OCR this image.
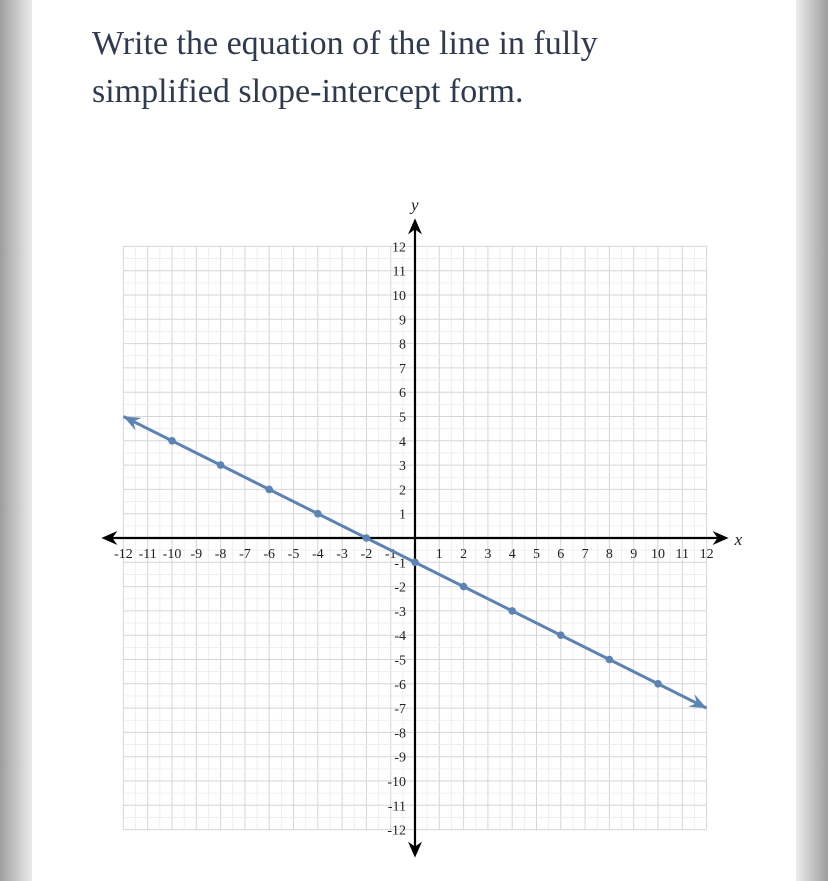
Write the equation of the line in fully simplified slope-intercept form.

-12 -11 -10 -9 -8 -7 -6 -5 -4 -3 -2 -1	1 2 3 4 5 6 7 8 9 10 11 12
-12
-11
-10
-9
-8
-7
-6
-5
-4
-3
-2
-1
1
2
3
4
5
6
7
8
9
10
11
12
x
y
